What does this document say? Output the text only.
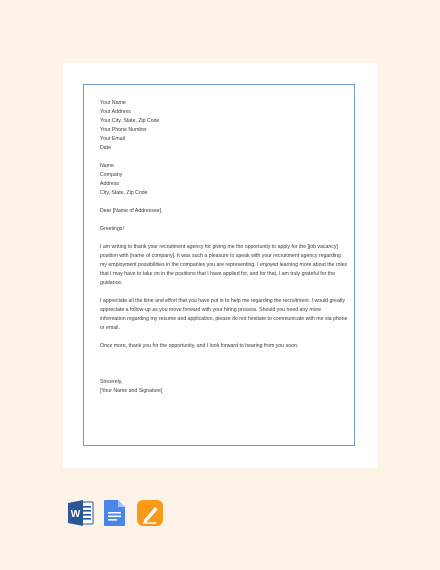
Your Name
Your Address
Your City, State, Zip Code
Your Phone Number
Your Email
Date
Name
Company
Address
City, State, Zip Code
Dear [Name of Addressee],
Greetings!
I am writing to thank your recruitment agency for giving me the opportunity to apply for the [job vacancy] position with [name of company]. It was such a pleasure to speak with your recruitment agency regarding my employment possibilities in the companies you are representing. I enjoyed learning more about the roles that I may have to take on in the positions that I have applied for, and for that, I am truly grateful for the guidance.
I appreciate all the time and effort that you have put in to help me regarding the recruitment. I would greatly appreciate a follow-up as you move forward with your hiring process. Should you need any more information regarding my resume and application, please do not hesitate to communicate with me via phone or email.
Once more, thank you for the opportunity, and I look forward to hearing from you soon.
Sincerely,
[Your Name and Signature]
W
